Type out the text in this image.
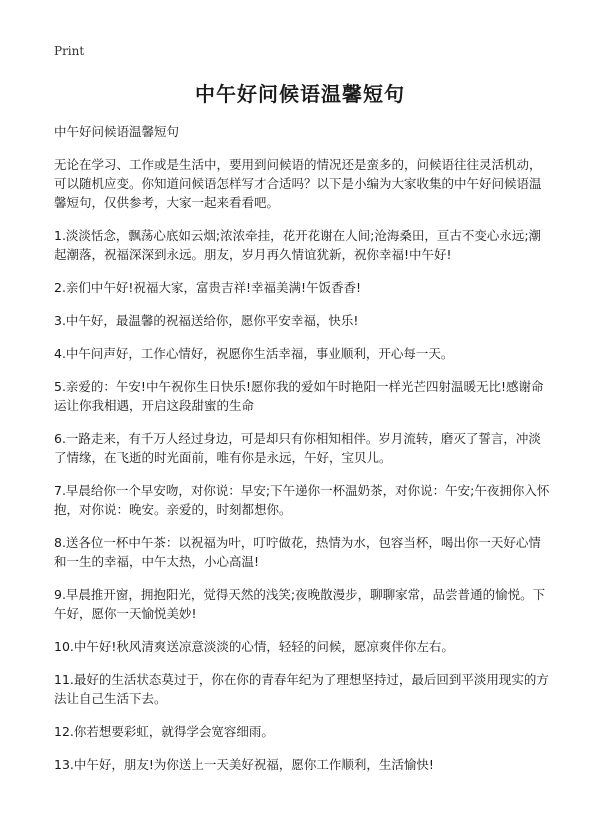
Print
中午好问候语温馨短句

中午好问候语温馨短句

无论在学习、工作或是生活中，要用到问候语的情况还是蛮多的，问候语往往灵活机动，可以随机应变。你知道问候语怎样写才合适吗？以下是小编为大家收集的中午好问候语温馨短句，仅供参考，大家一起来看看吧。

1.淡淡恬念，飘荡心底如云烟;浓浓牵挂，花开花谢在人间;沧海桑田，亘古不变心永远;潮起潮落，祝福深深到永远。朋友，岁月再久情谊犹新，祝你幸福!中午好!

2.亲们中午好!祝福大家，富贵吉祥!幸福美满!午饭香香!

3.中午好，最温馨的祝福送给你，愿你平安幸福，快乐!

4.中午问声好，工作心情好，祝愿你生活幸福，事业顺利，开心每一天。

5.亲爱的：午安!中午祝你生日快乐!愿你我的爱如午时艳阳一样光芒四射温暖无比!感谢命运让你我相遇，开启这段甜蜜的生命

6.一路走来，有千万人经过身边，可是却只有你相知相伴。岁月流转，磨灭了誓言，冲淡了情缘，在飞逝的时光面前，唯有你是永远，午好，宝贝儿。

7.早晨给你一个早安吻，对你说：早安;下午递你一杯温奶茶，对你说：午安;午夜拥你入怀抱，对你说：晚安。亲爱的，时刻都想你。

8.送各位一杯中午茶：以祝福为叶，叮咛做花，热情为水，包容当杯，喝出你一天好心情和一生的幸福，中午太热，小心高温!

9.早晨推开窗，拥抱阳光，觉得天然的浅笑;夜晚散漫步，聊聊家常，品尝普通的愉悦。下午好，愿你一天愉悦美妙!

10.中午好!秋风清爽送凉意淡淡的心情，轻轻的问候，愿凉爽伴你左右。

11.最好的生活状态莫过于，你在你的青春年纪为了理想坚持过，最后回到平淡用现实的方法让自己生活下去。

12.你若想要彩虹，就得学会宽容细雨。

13.中午好，朋友!为你送上一天美好祝福，愿你工作顺利，生活愉快!
